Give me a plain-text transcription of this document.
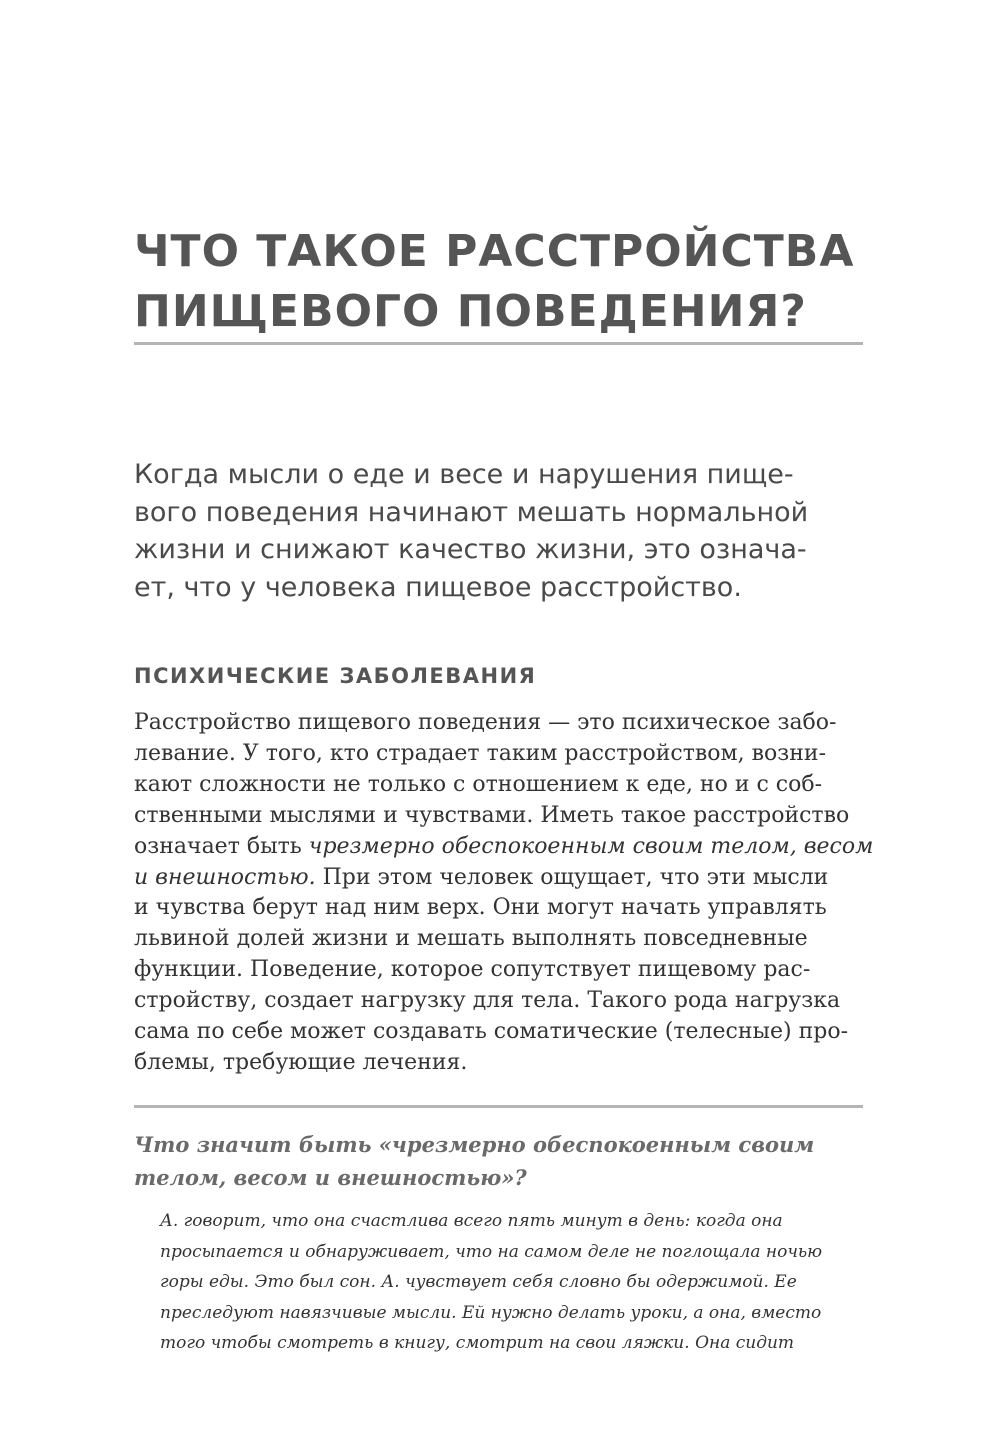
ЧТО ТАКОЕ РАССТРОЙСТВА
ПИЩЕВОГО ПОВЕДЕНИЯ?

Когда мысли о еде и весе и нарушения пище-
вого поведения начинают мешать нормальной
жизни и снижают качество жизни, это означа-
ет, что у человека пищевое расстройство.

ПСИХИЧЕСКИЕ ЗАБОЛЕВАНИЯ

Расстройство пищевого поведения — это психическое забо-
левание. У того, кто страдает таким расстройством, возни-
кают сложности не только с отношением к еде, но и с соб-
ственными мыслями и чувствами. Иметь такое расстройство
означает быть чрезмерно обеспокоенным своим телом, весом
и внешностью. При этом человек ощущает, что эти мысли
и чувства берут над ним верх. Они могут начать управлять
львиной долей жизни и мешать выполнять повседневные
функции. Поведение, которое сопутствует пищевому рас-
стройству, создает нагрузку для тела. Такого рода нагрузка
сама по себе может создавать соматические (телесные) про-
блемы, требующие лечения.

Что значит быть «чрезмерно обеспокоенным своим
телом, весом и внешностью»?

А. говорит, что она счастлива всего пять минут в день: когда она
просыпается и обнаруживает, что на самом деле не поглощала ночью
горы еды. Это был сон. А. чувствует себя словно бы одержимой. Ее
преследуют навязчивые мысли. Ей нужно делать уроки, а она, вместо
того чтобы смотреть в книгу, смотрит на свои ляжки. Она сидит
